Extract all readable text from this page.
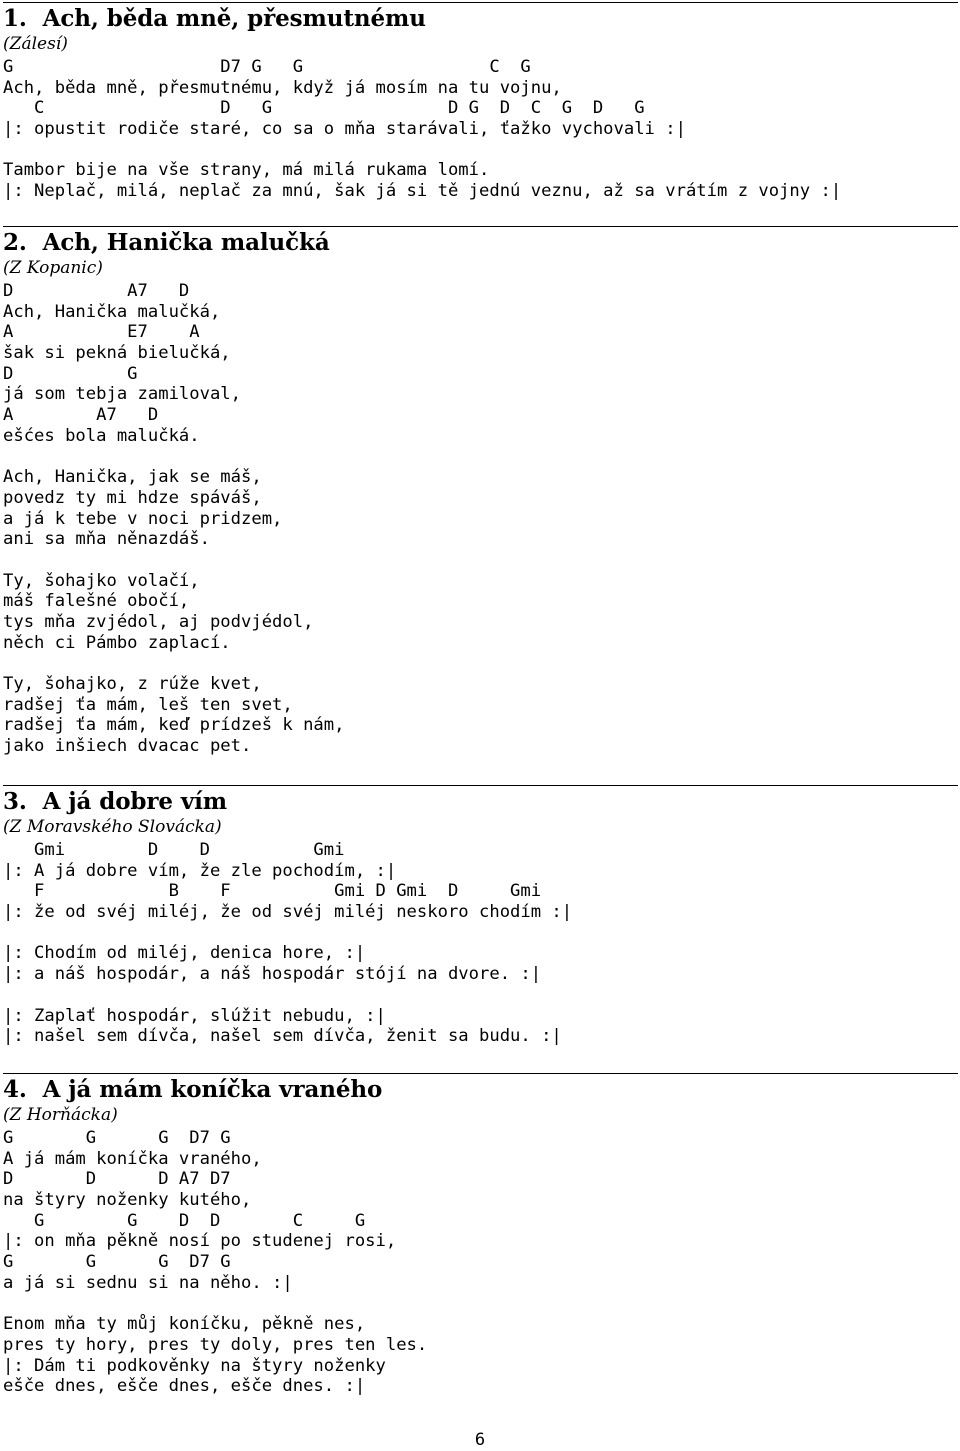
1.  Ach, běda mně, přesmutnému
(Zálesí)
G                    D7 G   G                  C  G
Ach, běda mně, přesmutnému, když já mosím na tu vojnu,
C                 D   G                 D G  D  C  G  D   G
|: opustit rodiče staré, co sa o mňa starávali, ťažko vychovali :|

Tambor bije na vše strany, má milá rukama lomí.
|: Neplač, milá, neplač za mnú, šak já si tě jednú veznu, až sa vrátím z vojny :|
2.  Ach, Hanička malučká
(Z Kopanic)
D           A7   D
Ach, Hanička malučká,
A           E7    A
šak si pekná bielučká,
D           G
já som tebja zamiloval,
A        A7   D
ešćes bola malučká.

Ach, Hanička, jak se máš,
povedz ty mi hdze spáváš,
a já k tebe v noci pridzem,
ani sa mňa něnazdáš.

Ty, šohajko volačí,
máš falešné obočí,
tys mňa zvjédol, aj podvjédol,
něch ci Pámbo zaplací.

Ty, šohajko, z rúže kvet,
radšej ťa mám, leš ten svet,
radšej ťa mám, keď prídzeš k nám,
jako inšiech dvacac pet.
3.  A já dobre vím
(Z Moravského Slovácka)
Gmi        D    D          Gmi
|: A já dobre vím, že zle pochodím, :|
F            B    F          Gmi D Gmi  D     Gmi
|: že od svéj miléj, že od svéj miléj neskoro chodím :|

|: Chodím od miléj, denica hore, :|
|: a náš hospodár, a náš hospodár stójí na dvore. :|

|: Zaplať hospodár, slúžit nebudu, :|
|: našel sem dívča, našel sem dívča, ženit sa budu. :|
4.  A já mám koníčka vraného
(Z Horňácka)
G       G      G  D7 G
A já mám koníčka vraného,
D       D      D A7 D7
na štyry noženky kutého,
G        G    D  D       C     G
|: on mňa pěkně nosí po studenej rosi,
G       G      G  D7 G
a já si sednu si na něho. :|

Enom mňa ty můj koníčku, pěkně nes,
pres ty hory, pres ty doly, pres ten les.
|: Dám ti podkověnky na štyry noženky
ešče dnes, ešče dnes, ešče dnes. :|
6
